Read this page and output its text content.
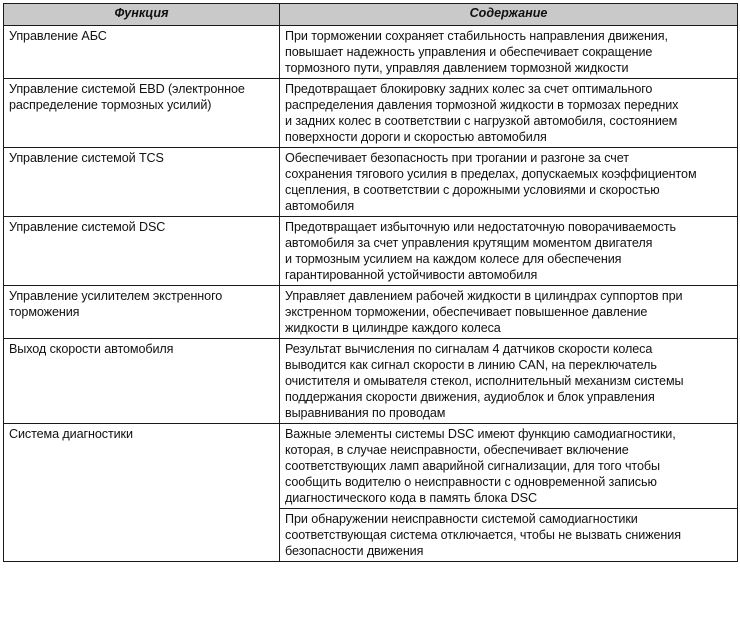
Функция	Содержание

Управление АБС	При торможении сохраняет стабильность направления движения,
повышает надежность управления и обеспечивает сокращение
тормозного пути, управляя давлением тормозной жидкости

Управление системой EBD (электронное
распределение тормозных усилий)	Предотвращает блокировку задних колес за счет оптимального
распределения давления тормозной жидкости в тормозах передних
и задних колес в соответствии с нагрузкой автомобиля, состоянием
поверхности дороги и скоростью автомобиля

Управление системой TCS	Обеспечивает безопасность при трогании и разгоне за счет
сохранения тягового усилия в пределах, допускаемых коэффициентом
сцепления, в соответствии с дорожными условиями и скоростью
автомобиля

Управление системой DSC	Предотвращает избыточную или недостаточную поворачиваемость
автомобиля за счет управления крутящим моментом двигателя
и тормозным усилием на каждом колесе для обеспечения
гарантированной устойчивости автомобиля

Управление усилителем экстренного
торможения	Управляет давлением рабочей жидкости в цилиндрах суппортов при
экстренном торможении, обеспечивает повышенное давление
жидкости в цилиндре каждого колеса

Выход скорости автомобиля	Результат вычисления по сигналам 4 датчиков скорости колеса
выводится как сигнал скорости в линию CAN, на переключатель
очистителя и омывателя стекол, исполнительный механизм системы
поддержания скорости движения, аудиоблок и блок управления
выравнивания по проводам

Система диагностики	Важные элементы системы DSC имеют функцию самодиагностики,
которая, в случае неисправности, обеспечивает включение
соответствующих ламп аварийной сигнализации, для того чтобы
сообщить водителю о неисправности с одновременной записью
диагностического кода в память блока DSC

	При обнаружении неисправности системой самодиагностики
соответствующая система отключается, чтобы не вызвать снижения
безопасности движения
